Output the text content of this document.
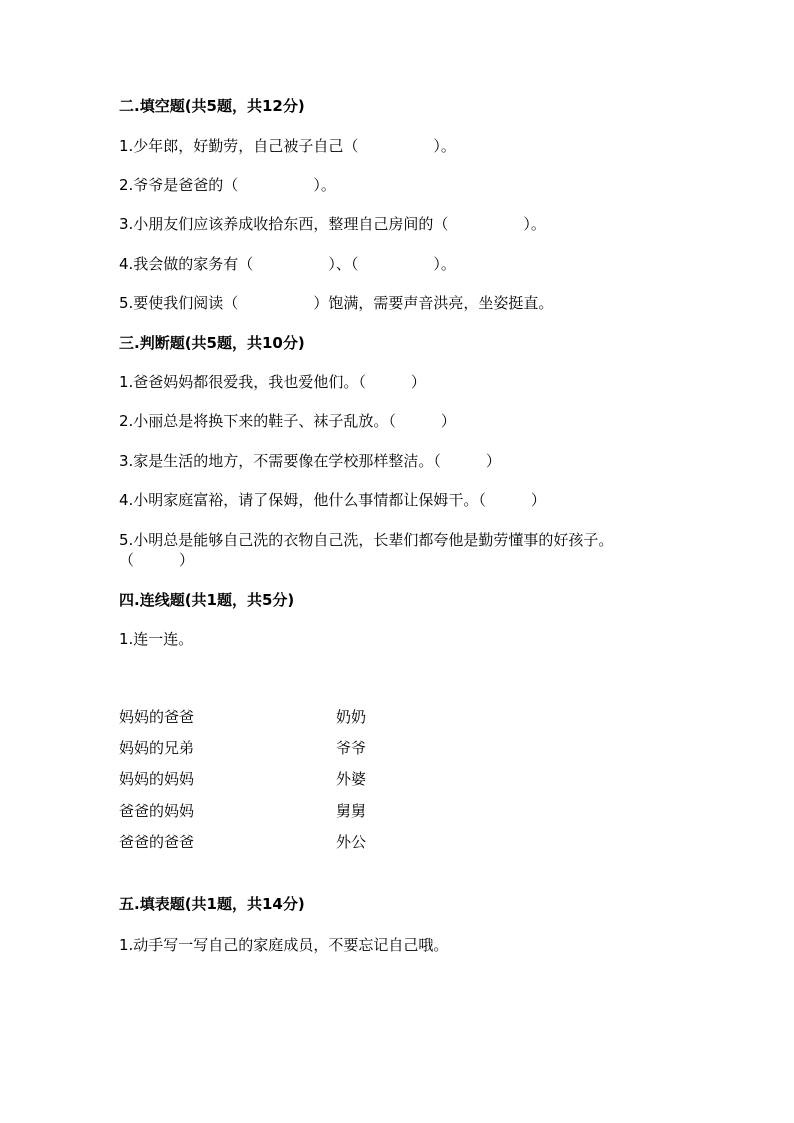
二.填空题(共5题，共12分)
1.少年郎，好勤劳，自己被子自己（　　　　　）。
2.爷爷是爸爸的（　　　　　）。
3.小朋友们应该养成收拾东西，整理自己房间的（　　　　　）。
4.我会做的家务有（　　　　　）、（　　　　　）。
5.要使我们阅读（　　　　　）饱满，需要声音洪亮，坐姿挺直。
三.判断题(共5题，共10分)
1.爸爸妈妈都很爱我，我也爱他们。（　　　）
2.小丽总是将换下来的鞋子、袜子乱放。（　　　）
3.家是生活的地方，不需要像在学校那样整洁。（　　　）
4.小明家庭富裕，请了保姆，他什么事情都让保姆干。（　　　）
5.小明总是能够自己洗的衣物自己洗，长辈们都夸他是勤劳懂事的好孩子。
（　　　）
四.连线题(共1题，共5分)
1.连一连。
妈妈的爸爸
妈妈的兄弟
妈妈的妈妈
爸爸的妈妈
爸爸的爸爸
奶奶
爷爷
外婆
舅舅
外公
五.填表题(共1题，共14分)
1.动手写一写自己的家庭成员，不要忘记自己哦。
